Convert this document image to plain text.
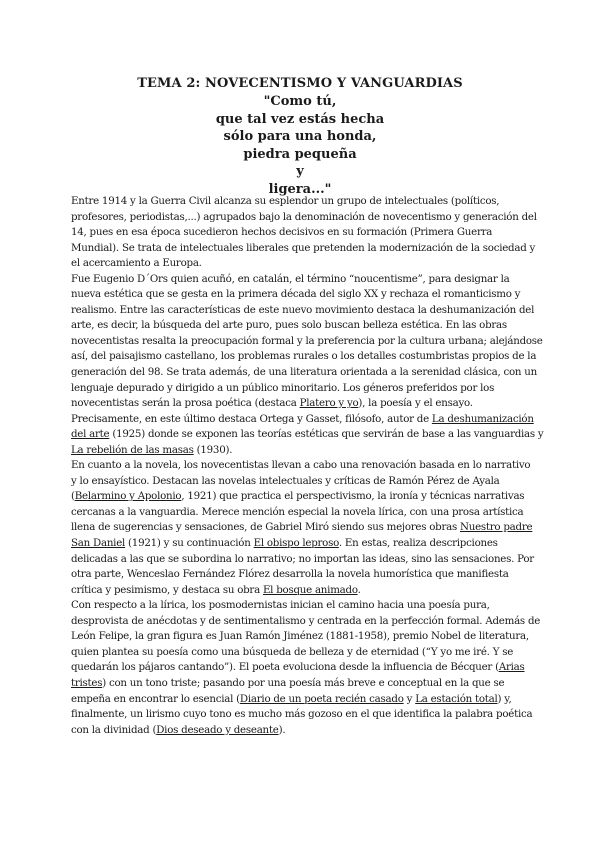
TEMA 2: NOVECENTISMO Y VANGUARDIAS
"Como tú,
que tal vez estás hecha
sólo para una honda,
piedra pequeña
y
ligera..."
Entre 1914 y la Guerra Civil alcanza su esplendor un grupo de intelectuales (políticos,
profesores, periodistas,...) agrupados bajo la denominación de novecentismo y generación del
14, pues en esa época sucedieron hechos decisivos en su formación (Primera Guerra
Mundial). Se trata de intelectuales liberales que pretenden la modernización de la sociedad y
el acercamiento a Europa.
Fue Eugenio D´Ors quien acuñó, en catalán, el término “noucentisme”, para designar la
nueva estética que se gesta en la primera década del siglo XX y rechaza el romanticismo y
realismo. Entre las características de este nuevo movimiento destaca la deshumanización del
arte, es decir, la búsqueda del arte puro, pues solo buscan belleza estética. En las obras
novecentistas resalta la preocupación formal y la preferencia por la cultura urbana; alejándose
así, del paisajismo castellano, los problemas rurales o los detalles costumbristas propios de la
generación del 98. Se trata además, de una literatura orientada a la serenidad clásica, con un
lenguaje depurado y dirigido a un público minoritario. Los géneros preferidos por los
novecentistas serán la prosa poética (destaca Platero y yo), la poesía y el ensayo.
Precisamente, en este último destaca Ortega y Gasset, filósofo, autor de La deshumanización
del arte (1925) donde se exponen las teorías estéticas que servirán de base a las vanguardias y
La rebelión de las masas (1930).
En cuanto a la novela, los novecentistas llevan a cabo una renovación basada en lo narrativo
y lo ensayístico. Destacan las novelas intelectuales y críticas de Ramón Pérez de Ayala
(Belarmino y Apolonio, 1921) que practica el perspectivismo, la ironía y técnicas narrativas
cercanas a la vanguardia. Merece mención especial la novela lírica, con una prosa artística
llena de sugerencias y sensaciones, de Gabriel Miró siendo sus mejores obras Nuestro padre
San Daniel (1921) y su continuación El obispo leproso. En estas, realiza descripciones
delicadas a las que se subordina lo narrativo; no importan las ideas, sino las sensaciones. Por
otra parte, Wenceslao Fernández Flórez desarrolla la novela humorística que manifiesta
crítica y pesimismo, y destaca su obra El bosque animado.
Con respecto a la lírica, los posmodernistas inician el camino hacia una poesía pura,
desprovista de anécdotas y de sentimentalismo y centrada en la perfección formal. Además de
León Felipe, la gran figura es Juan Ramón Jiménez (1881-1958), premio Nobel de literatura,
quien plantea su poesía como una búsqueda de belleza y de eternidad (“Y yo me iré. Y se
quedarán los pájaros cantando”). El poeta evoluciona desde la influencia de Bécquer (Arias
tristes) con un tono triste; pasando por una poesía más breve e conceptual en la que se
empeña en encontrar lo esencial (Diario de un poeta recién casado y La estación total) y,
finalmente, un lirismo cuyo tono es mucho más gozoso en el que identifica la palabra poética
con la divinidad (Dios deseado y deseante).
